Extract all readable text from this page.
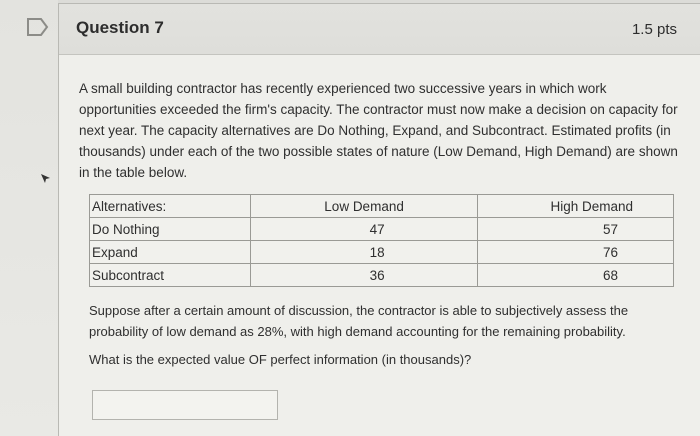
Question 7	1.5 pts
A small building contractor has recently experienced two successive years in which work opportunities exceeded the firm's capacity. The contractor must now make a decision on capacity for next year. The capacity alternatives are Do Nothing, Expand, and Subcontract. Estimated profits (in thousands) under each of the two possible states of nature (Low Demand, High Demand) are shown in the table below.
Alternatives:	Low Demand	High Demand
Do Nothing	47	57
Expand	18	76
Subcontract	36	68
Suppose after a certain amount of discussion, the contractor is able to subjectively assess the probability of low demand as 28%, with high demand accounting for the remaining probability.
What is the expected value OF perfect information (in thousands)?
